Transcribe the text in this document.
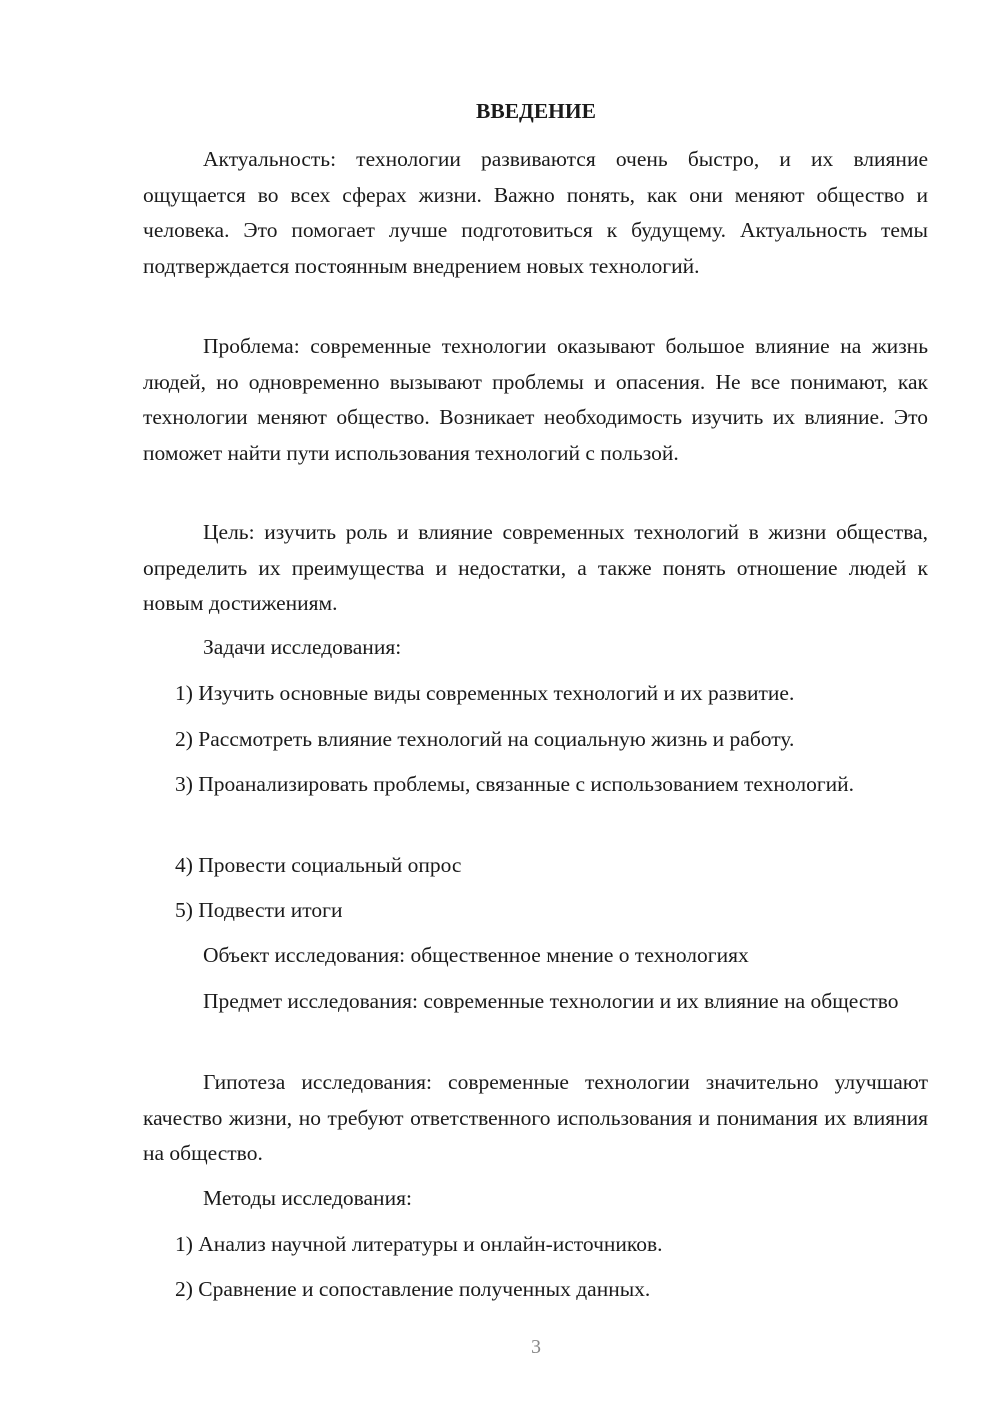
ВВЕДЕНИЕ

Актуальность: технологии развиваются очень быстро, и их влияние ощущается во всех сферах жизни. Важно понять, как они меняют общество и человека. Это помогает лучше подготовиться к будущему. Актуальность темы подтверждается постоянным внедрением новых технологий.

Проблема: современные технологии оказывают большое влияние на жизнь людей, но одновременно вызывают проблемы и опасения. Не все понимают, как технологии меняют общество. Возникает необходимость изучить их влияние. Это поможет найти пути использования технологий с пользой.

Цель: изучить роль и влияние современных технологий в жизни общества, определить их преимущества и недостатки, а также понять отношение людей к новым достижениям.

Задачи исследования:

1) Изучить основные виды современных технологий и их развитие.

2) Рассмотреть влияние технологий на социальную жизнь и работу.

3) Проанализировать проблемы, связанные с использованием технологий.

4) Провести социальный опрос

5) Подвести итоги

Объект исследования: общественное мнение о технологиях

Предмет исследования: современные технологии и их влияние на общество

Гипотеза исследования: современные технологии значительно улучшают качество жизни, но требуют ответственного использования и понимания их влияния на общество.

Методы исследования:

1) Анализ научной литературы и онлайн-источников.

2) Сравнение и сопоставление полученных данных.

3
